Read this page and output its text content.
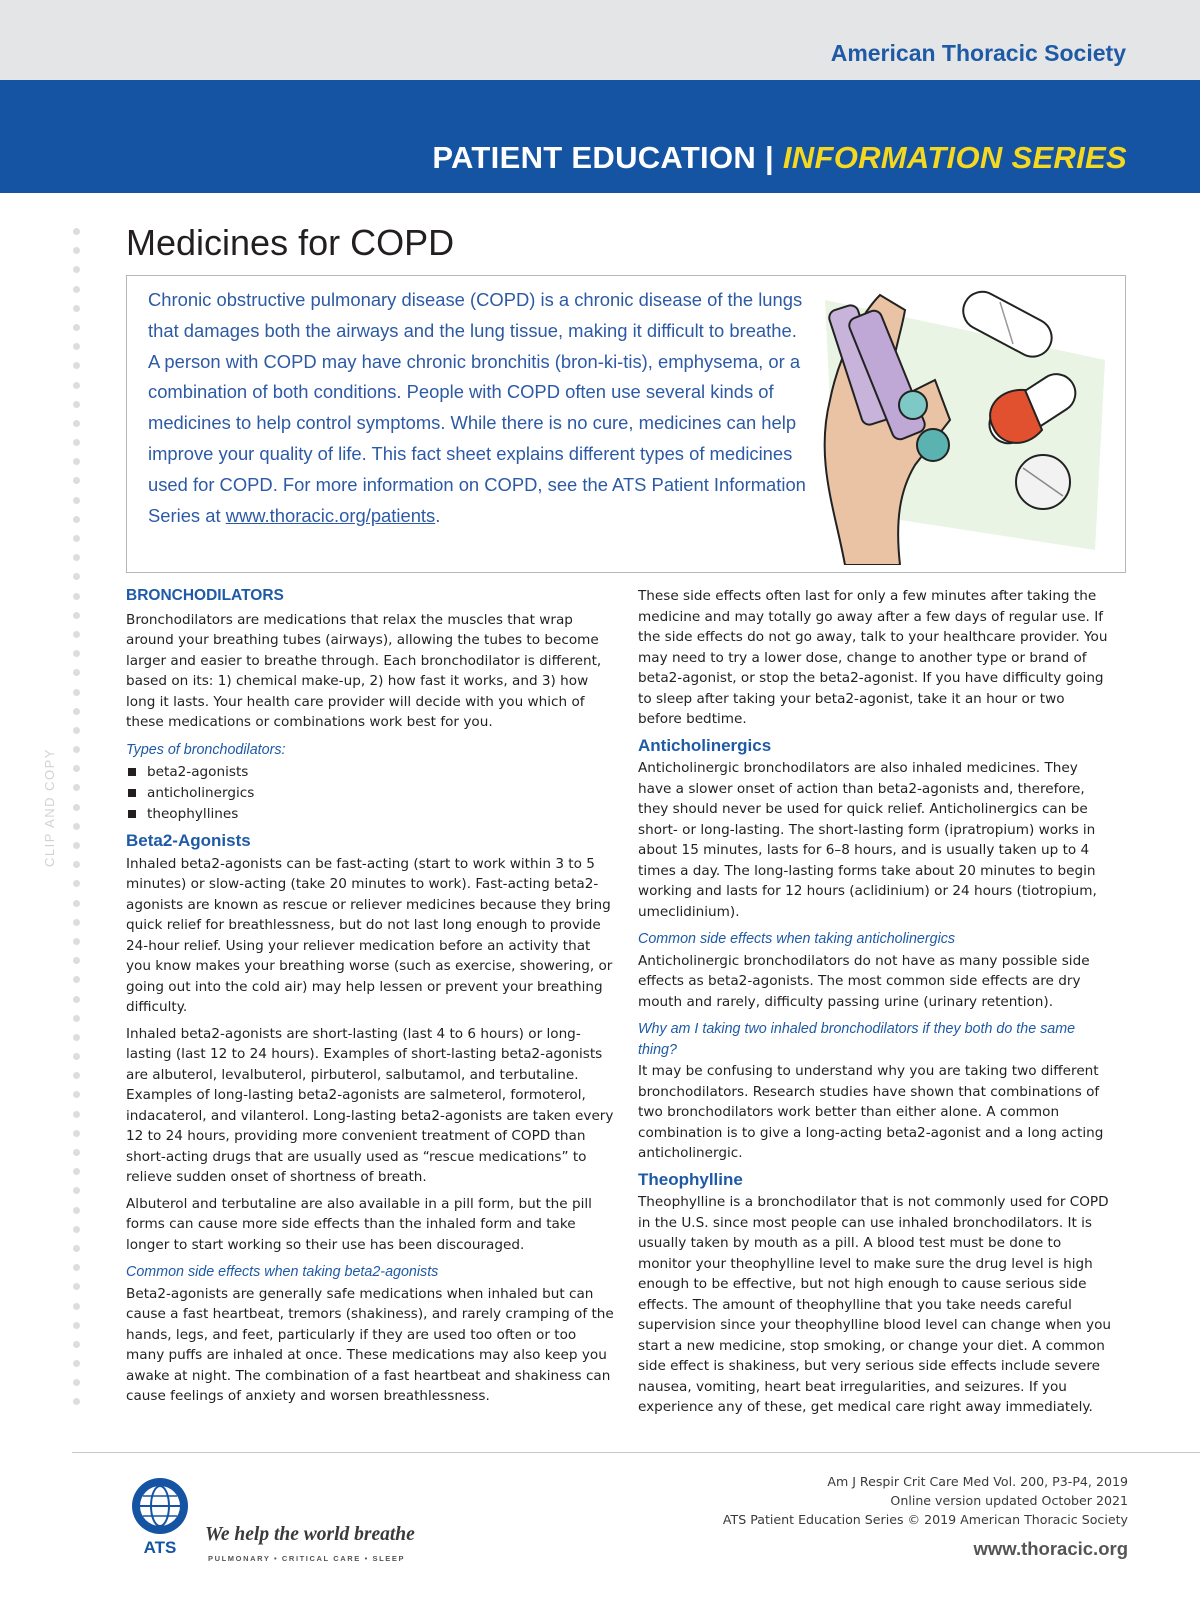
American Thoracic Society
PATIENT EDUCATION | INFORMATION SERIES
CLIP AND COPY
Medicines for COPD
Chronic obstructive pulmonary disease (COPD) is a chronic disease of the lungs that damages both the airways and the lung tissue, making it difficult to breathe. A person with COPD may have chronic bronchitis (bron-ki-tis), emphysema, or a combination of both conditions. People with COPD often use several kinds of medicines to help control symptoms. While there is no cure, medicines can help improve your quality of life. This fact sheet explains different types of medicines used for COPD. For more information on COPD, see the ATS Patient Information Series at www.thoracic.org/patients.
BRONCHODILATORS

Bronchodilators are medications that relax the muscles that wrap around your breathing tubes (airways), allowing the tubes to become larger and easier to breathe through. Each bronchodilator is different, based on its: 1) chemical make-up, 2) how fast it works, and 3) how long it lasts. Your health care provider will decide with you which of these medications or combinations work best for you.

Types of bronchodilators:
beta2-agonists
anticholinergics
theophyllines
Beta2-Agonists

Inhaled beta2-agonists can be fast-acting (start to work within 3 to 5 minutes) or slow-acting (take 20 minutes to work). Fast-acting beta2-agonists are known as rescue or reliever medicines because they bring quick relief for breathlessness, but do not last long enough to provide 24-hour relief. Using your reliever medication before an activity that you know makes your breathing worse (such as exercise, showering, or going out into the cold air) may help lessen or prevent your breathing difficulty.

Inhaled beta2-agonists are short-lasting (last 4 to 6 hours) or long-lasting (last 12 to 24 hours). Examples of short-lasting beta2-agonists are albuterol, levalbuterol, pirbuterol, salbutamol, and terbutaline. Examples of long-lasting beta2-agonists are salmeterol, formoterol, indacaterol, and vilanterol. Long-lasting beta2-agonists are taken every 12 to 24 hours, providing more convenient treatment of COPD than short-acting drugs that are usually used as “rescue medications” to relieve sudden onset of shortness of breath.

Albuterol and terbutaline are also available in a pill form, but the pill forms can cause more side effects than the inhaled form and take longer to start working so their use has been discouraged.

Common side effects when taking beta2-agonists

Beta2-agonists are generally safe medications when inhaled but can cause a fast heartbeat, tremors (shakiness), and rarely cramping of the hands, legs, and feet, particularly if they are used too often or too many puffs are inhaled at once. These medications may also keep you awake at night. The combination of a fast heartbeat and shakiness can cause feelings of anxiety and worsen breathlessness.

These side effects often last for only a few minutes after taking the medicine and may totally go away after a few days of regular use. If the side effects do not go away, talk to your healthcare provider. You may need to try a lower dose, change to another type or brand of beta2-agonist, or stop the beta2-agonist. If you have difficulty going to sleep after taking your beta2-agonist, take it an hour or two before bedtime.

Anticholinergics

Anticholinergic bronchodilators are also inhaled medicines. They have a slower onset of action than beta2-agonists and, therefore, they should never be used for quick relief. Anticholinergics can be short- or long-lasting. The short-lasting form (ipratropium) works in about 15 minutes, lasts for 6–8 hours, and is usually taken up to 4 times a day. The long-lasting forms take about 20 minutes to begin working and lasts for 12 hours (aclidinium) or 24 hours (tiotropium, umeclidinium).

Common side effects when taking anticholinergics

Anticholinergic bronchodilators do not have as many possible side effects as beta2-agonists. The most common side effects are dry mouth and rarely, difficulty passing urine (urinary retention).

Why am I taking two inhaled bronchodilators if they both do the same thing?

It may be confusing to understand why you are taking two different bronchodilators. Research studies have shown that combinations of two bronchodilators work better than either alone. A common combination is to give a long-acting beta2-agonist and a long acting anticholinergic.

Theophylline

Theophylline is a bronchodilator that is not commonly used for COPD in the U.S. since most people can use inhaled bronchodilators. It is usually taken by mouth as a pill. A blood test must be done to monitor your theophylline level to make sure the drug level is high enough to be effective, but not high enough to cause serious side effects. The amount of theophylline that you take needs careful supervision since your theophylline blood level can change when you start a new medicine, stop smoking, or change your diet. A common side effect is shakiness, but very serious side effects include severe nausea, vomiting, heart beat irregularities, and seizures. If you experience any of these, get medical care right away immediately.

ATS
We help the world breathe
PULMONARY • CRITICAL CARE • SLEEP
Am J Respir Crit Care Med Vol. 200, P3-P4, 2019
Online version updated October 2021
ATS Patient Education Series © 2019 American Thoracic Society
www.thoracic.org
